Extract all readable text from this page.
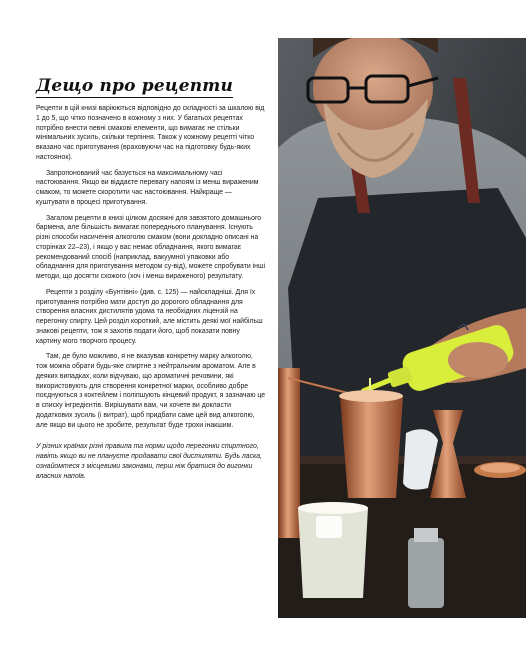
Дещо про рецепти

Рецепти в цій книзі варіюються відповідно до складності за шкалою від 1 до 5, що чітко позначено в кожному з них. У багатьох рецептах потрібно внести певні смакові елементи, що вимагає не стільки мінімальних зусиль, скільки терпіння. Також у кожному рецепті чітко вказано час приготування (враховуючи час на підготовку будь-яких настоянок).

Запропонований час базується на максимальному часі настоювання. Якщо ви віддаєте перевагу напоям із менш вираженим смаком, то можете скоротити час настоювання. Найкраще — куштувати в процесі приготування.

Загалом рецепти в книзі цілком досяжні для завзятого домашнього бармена, але більшість вимагає попереднього планування. Існують різні способи насичення алкоголю смаком (вони докладно описані на сторінках 22–23), і якщо у вас немає обладнання, якого вимагає рекомендований спосіб (наприклад, вакуумної упаковки або обладнання для приготування методом су-від), можете спробувати інші методи, що досягти схожого (хоч і менш вираженого) результату.

Рецепти з розділу «Бунтівні» (див. с. 125) — найскладніші. Для їх приготування потрібно мати доступ до дорогого обладнання для створення власних дистилятів удома та необхідних ліцензій на перегонку спирту. Цей розділ короткий, але містить деякі мої найбільш знакові рецепти, тож я захотів подати його, щоб показати повну картину мого творчого процесу.

Там, де було можливо, я не вказував конкретну марку алкоголю, тож можна обрати будь-яке спиртне з нейтральним ароматом. Але в деяких випадках, коли відчуваю, що ароматичні речовини, які використовують для створення конкретної марки, особливо добре поєднуються з коктейлем і поліпшують кінцевий продукт, я зазначаю це в списку інгредієнтів. Вирішувати вам, чи хочете ви докласти додаткових зусиль (і витрат), щоб придбати саме цей вид алкоголю, але якщо ви цього не зробите, результат буде трохи інакшим.

У різних країнах різні правила та норми щодо перегонки спиртного, навіть якщо ви не плануєте продавати свої дистиляти. Будь ласка, ознайомтеся з місцевими законами, перш ніж братися до вигонки власних напоїв.
